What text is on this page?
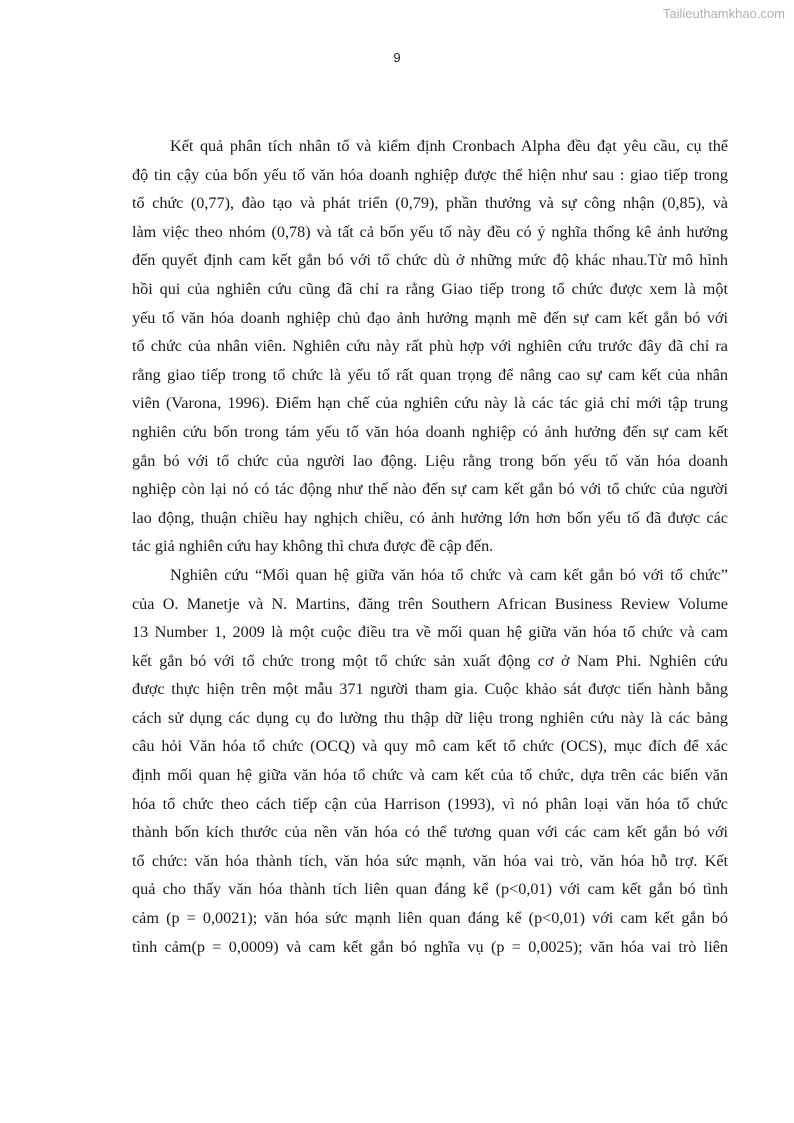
Tailieuthamkhao.com
9
Kết quả phân tích nhân tố và kiểm định Cronbach Alpha đều đạt yêu cầu, cụ thể
độ tin cậy của bốn yếu tố văn hóa doanh nghiệp được thể hiện như sau : giao tiếp trong
tổ chức (0,77), đào tạo và phát triển (0,79), phần thưởng và sự công nhận (0,85), và
làm việc theo nhóm (0,78) và tất cả bốn yếu tố này đều có ý nghĩa thống kê ảnh hưởng
đến quyết định cam kết gắn bó với tổ chức dù ở những mức độ khác nhau.Từ mô hình
hồi qui của nghiên cứu cũng đã chỉ ra rằng Giao tiếp trong tổ chức được xem là một
yếu tố văn hóa doanh nghiệp chủ đạo ảnh hưởng mạnh mẽ đến sự cam kết gắn bó với
tổ chức của nhân viên. Nghiên cứu này rất phù hợp với nghiên cứu trước đây đã chỉ ra
rằng giao tiếp trong tổ chức là yếu tố rất quan trọng để nâng cao sự cam kết của nhân
viên (Varona, 1996). Điểm hạn chế của nghiên cứu này là các tác giả chỉ mới tập trung
nghiên cứu bốn trong tám yếu tố văn hóa doanh nghiệp có ảnh hưởng đến sự cam kết
gắn bó với tổ chức của người lao động. Liệu rằng trong bốn yếu tố văn hóa doanh
nghiệp còn lại nó có tác động như thế nào đến sự cam kết gắn bó với tổ chức của người
lao động, thuận chiều hay nghịch chiều, có ảnh hưởng lớn hơn bốn yếu tố đã được các
tác giả nghiên cứu hay không thì chưa được đề cập đến.
Nghiên cứu “Mối quan hệ giữa văn hóa tổ chức và cam kết gắn bó với tổ chức”
của O. Manetje và N. Martins, đăng trên Southern African Business Review Volume
13 Number 1, 2009 là một cuộc điều tra về mối quan hệ giữa văn hóa tổ chức và cam
kết gắn bó với tổ chức trong một tổ chức sản xuất động cơ ở Nam Phi. Nghiên cứu
được thực hiện trên một mẫu 371 người tham gia. Cuộc khảo sát được tiến hành bằng
cách sử dụng các dụng cụ đo lường thu thập dữ liệu trong nghiên cứu này là các bảng
câu hỏi Văn hóa tổ chức (OCQ) và quy mô cam kết tổ chức (OCS), mục đích để xác
định mối quan hệ giữa văn hóa tổ chức và cam kết của tổ chức, dựa trên các biến văn
hóa tổ chức theo cách tiếp cận của Harrison (1993), vì nó phân loại văn hóa tổ chức
thành bốn kích thước của nền văn hóa có thể tương quan với các cam kết gắn bó với
tổ chức: văn hóa thành tích, văn hóa sức mạnh, văn hóa vai trò, văn hóa hỗ trợ. Kết
quả cho thấy văn hóa thành tích liên quan đáng kể (p<0,01) với cam kết gắn bó tình
cảm (p = 0,0021); văn hóa sức mạnh liên quan đáng kể (p<0,01) với cam kết gắn bó
tình cảm(p = 0,0009) và cam kết gắn bó nghĩa vụ (p = 0,0025); văn hóa vai trò liên
